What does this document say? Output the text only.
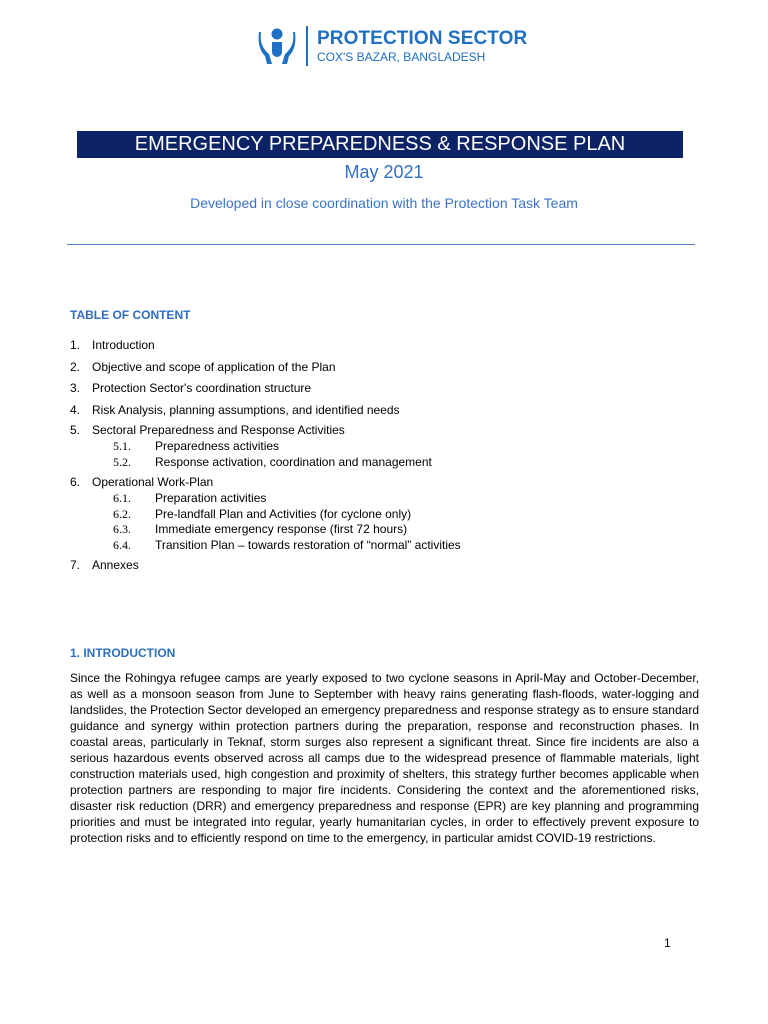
PROTECTION SECTOR
COX'S BAZAR, BANGLADESH
EMERGENCY PREPAREDNESS & RESPONSE PLAN
May 2021
Developed in close coordination with the Protection Task Team
TABLE OF CONTENT
1. Introduction
2. Objective and scope of application of the Plan
3. Protection Sector's coordination structure
4. Risk Analysis, planning assumptions, and identified needs
5. Sectoral Preparedness and Response Activities
5.1. Preparedness activities
5.2. Response activation, coordination and management
6. Operational Work-Plan
6.1. Preparation activities
6.2. Pre-landfall Plan and Activities (for cyclone only)
6.3. Immediate emergency response (first 72 hours)
6.4. Transition Plan – towards restoration of “normal” activities
7. Annexes
1. INTRODUCTION
Since the Rohingya refugee camps are yearly exposed to two cyclone seasons in April-May and October-December, as well as a monsoon season from June to September with heavy rains generating flash-floods, water-logging and landslides, the Protection Sector developed an emergency preparedness and response strategy as to ensure standard guidance and synergy within protection partners during the preparation, response and reconstruction phases. In coastal areas, particularly in Teknaf, storm surges also represent a significant threat. Since fire incidents are also a serious hazardous events observed across all camps due to the widespread presence of flammable materials, light construction materials used, high congestion and proximity of shelters, this strategy further becomes applicable when protection partners are responding to major fire incidents. Considering the context and the aforementioned risks, disaster risk reduction (DRR) and emergency preparedness and response (EPR) are key planning and programming priorities and must be integrated into regular, yearly humanitarian cycles, in order to effectively prevent exposure to protection risks and to efficiently respond on time to the emergency, in particular amidst COVID-19 restrictions.
1
